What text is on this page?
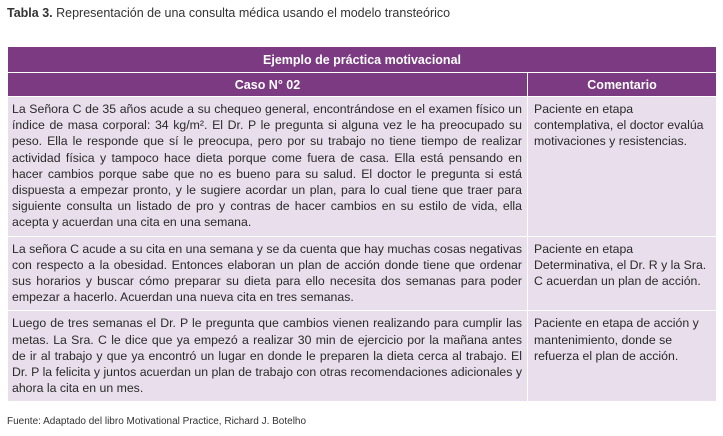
Tabla 3. Representación de una consulta médica usando el modelo transteórico
Ejemplo de práctica motivacional	
Caso N° 02	Comentario
La Señora C de 35 años acude a su chequeo general, encontrándose en el examen físico un índice de masa corporal: 34 kg/m². El Dr. P le pregunta si alguna vez le ha preocupado su peso. Ella le responde que sí le preocupa, pero por su trabajo no tiene tiempo de realizar actividad física y tampoco hace dieta porque come fuera de casa. Ella está pensando en hacer cambios porque sabe que no es bueno para su salud. El doctor le pregunta si está dispuesta a empezar pronto, y le sugiere acordar un plan, para lo cual tiene que traer para siguiente consulta un listado de pro y contras de hacer cambios en su estilo de vida, ella acepta y acuerdan una cita en una semana.	Paciente en etapa contemplativa, el doctor evalúa motivaciones y resistencias.
La señora C acude a su cita en una semana y se da cuenta que hay muchas cosas negativas con respecto a la obesidad. Entonces elaboran un plan de acción donde tiene que ordenar sus horarios y buscar cómo preparar su dieta para ello necesita dos semanas para poder empezar a hacerlo. Acuerdan una nueva cita en tres semanas.	Paciente en etapa Determinativa, el Dr. R y la Sra. C acuerdan un plan de acción.
Luego de tres semanas el Dr. P le pregunta que cambios vienen realizando para cumplir las metas. La Sra. C le dice que ya empezó a realizar 30 min de ejercicio por la mañana antes de ir al trabajo y que ya encontró un lugar en donde le preparen la dieta cerca al trabajo. El Dr. P la felicita y juntos acuerdan un plan de trabajo con otras recomendaciones adicionales y ahora la cita en un mes.	Paciente en etapa de acción y mantenimiento, donde se refuerza el plan de acción.
Fuente: Adaptado del libro Motivational Practice, Richard J. Botelho
